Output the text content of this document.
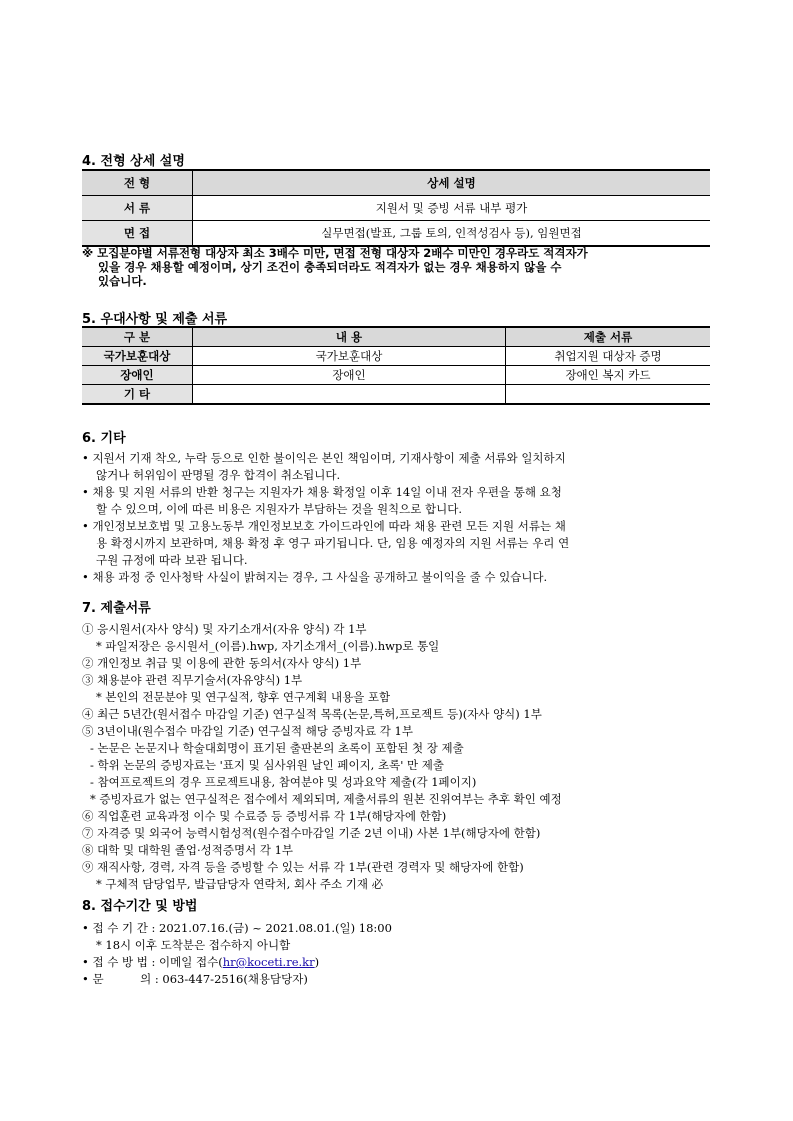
4. 전형 상세 설명
전 형	상세 설명
서 류	지원서 및 증빙 서류 내부 평가
면 접	실무면접(발표, 그룹 토의, 인적성검사 등), 임원면접
※ 모집분야별 서류전형 대상자 최소 3배수 미만, 면접 전형 대상자 2배수 미만인 경우라도 적격자가
있을 경우 채용할 예정이며, 상기 조건이 충족되더라도 적격자가 없는 경우 채용하지 않을 수
있습니다.
5. 우대사항 및 제출 서류
구 분	내 용	제출 서류
국가보훈대상	국가보훈대상	취업지원 대상자 증명
장애인	장애인	장애인 복지 카드
기 타		
6. 기타
• 지원서 기재 착오, 누락 등으로 인한 불이익은 본인 책임이며, 기재사항이 제출 서류와 일치하지
않거나 허위임이 판명될 경우 합격이 취소됩니다.
• 채용 및 지원 서류의 반환 청구는 지원자가 채용 확정일 이후 14일 이내 전자 우편을 통해 요청
할 수 있으며, 이에 따른 비용은 지원자가 부담하는 것을 원칙으로 합니다.
• 개인정보보호법 및 고용노동부 개인정보보호 가이드라인에 따라 채용 관련 모든 지원 서류는 채
용 확정시까지 보관하며, 채용 확정 후 영구 파기됩니다. 단, 임용 예정자의 지원 서류는 우리 연
구원 규정에 따라 보관 됩니다.
• 채용 과정 중 인사청탁 사실이 밝혀지는 경우, 그 사실을 공개하고 불이익을 줄 수 있습니다.
7. 제출서류
① 응시원서(자사 양식) 및 자기소개서(자유 양식) 각 1부
* 파일저장은 응시원서_(이름).hwp, 자기소개서_(이름).hwp로 통일
② 개인정보 취급 및 이용에 관한 동의서(자사 양식) 1부
③ 채용분야 관련 직무기술서(자유양식) 1부
* 본인의 전문분야 및 연구실적, 향후 연구계획 내용을 포함
④ 최근 5년간(원서접수 마감일 기준) 연구실적 목록(논문,특허,프로젝트 등)(자사 양식) 1부
⑤ 3년이내(원수접수 마감일 기준) 연구실적 해당 증빙자료 각 1부
- 논문은 논문지나 학술대회명이 표기된 출판본의 초록이 포함된 첫 장 제출
- 학위 논문의 증빙자료는 '표지 및 심사위원 날인 페이지, 초록' 만 제출
- 참여프로젝트의 경우 프로젝트내용, 참여분야 및 성과요약 제출(각 1페이지)
* 증빙자료가 없는 연구실적은 접수에서 제외되며, 제출서류의 원본 진위여부는 추후 확인 예정
⑥ 직업훈련 교육과정 이수 및 수료증 등 증빙서류 각 1부(해당자에 한함)
⑦ 자격증 및 외국어 능력시험성적(원수접수마감일 기준 2년 이내) 사본 1부(해당자에 한함)
⑧ 대학 및 대학원 졸업·성적증명서 각 1부
⑨ 재직사항, 경력, 자격 등을 증빙할 수 있는 서류 각 1부(관련 경력자 및 해당자에 한함)
* 구체적 담당업무, 발급담당자 연락처, 회사 주소 기재 必
8. 접수기간 및 방법
• 접 수 기 간 : 2021.07.16.(금) ~ 2021.08.01.(일) 18:00
* 18시 이후 도착분은 접수하지 아니함
• 접 수 방 법 : 이메일 접수(hr@koceti.re.kr)
• 문          의 : 063-447-2516(채용담당자)
